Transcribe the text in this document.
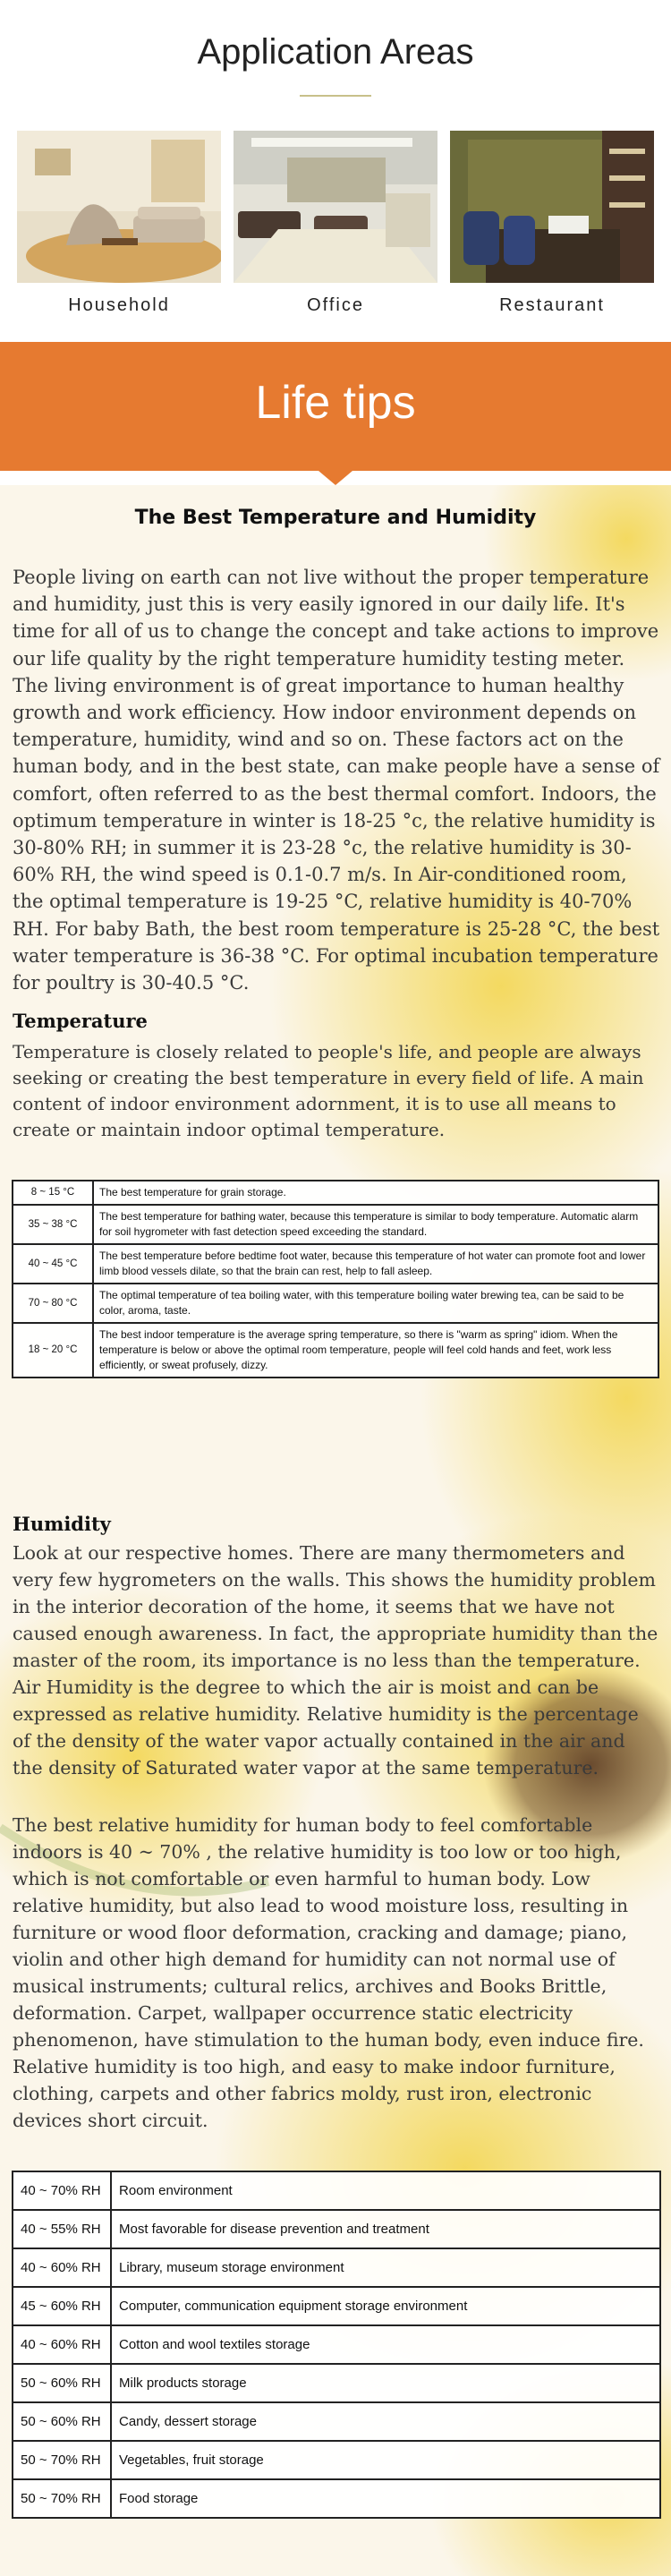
Application Areas
Household	Office	Restaurant
Life tips
The Best Temperature and Humidity
People living on earth can not live without the proper temperature and humidity, just this is very easily ignored in our daily life. It's time for all of us to change the concept and take actions to improve our life quality by the right temperature humidity testing meter. The living environment is of great importance to human healthy growth and work efficiency. How indoor environment depends on temperature, humidity, wind and so on. These factors act on the human body, and in the best state, can make people have a sense of comfort, often referred to as the best thermal comfort. Indoors, the optimum temperature in winter is 18-25 °c, the relative humidity is 30-80% RH; in summer it is 23-28 °c, the relative humidity is 30-60% RH, the wind speed is 0.1-0.7 m/s. In Air-conditioned room, the optimal temperature is 19-25 °C, relative humidity is 40-70% RH. For baby Bath, the best room temperature is 25-28 °C, the best water temperature is 36-38 °C. For optimal incubation temperature for poultry is 30-40.5 °C.
Temperature
Temperature is closely related to people's life, and people are always seeking or creating the best temperature in every field of life. A main content of indoor environment adornment, it is to use all means to create or maintain indoor optimal temperature.
8 ~ 15 °C	The best temperature for grain storage.
35 ~ 38 °C	The best temperature for bathing water, because this temperature is similar to body temperature. Automatic alarm for soil hygrometer with fast detection speed exceeding the standard.
40 ~ 45 °C	The best temperature before bedtime foot water, because this temperature of hot water can promote foot and lower limb blood vessels dilate, so that the brain can rest, help to fall asleep.
70 ~ 80 °C	The optimal temperature of tea boiling water, with this temperature boiling water brewing tea, can be said to be color, aroma, taste.
18 ~ 20 °C	The best indoor temperature is the average spring temperature, so there is "warm as spring" idiom. When the temperature is below or above the optimal room temperature, people will feel cold hands and feet, work less efficiently, or sweat profusely, dizzy.
Humidity
Look at our respective homes. There are many thermometers and very few hygrometers on the walls. This shows the humidity problem in the interior decoration of the home, it seems that we have not caused enough awareness. In fact, the appropriate humidity than the master of the room, its importance is no less than the temperature. Air Humidity is the degree to which the air is moist and can be expressed as relative humidity. Relative humidity is the percentage of the density of the water vapor actually contained in the air and the density of Saturated water vapor at the same temperature.
The best relative humidity for human body to feel comfortable indoors is 40 ~ 70% , the relative humidity is too low or too high, which is not comfortable or even harmful to human body. Low relative humidity, but also lead to wood moisture loss, resulting in furniture or wood floor deformation, cracking and damage; piano, violin and other high demand for humidity can not normal use of musical instruments; cultural relics, archives and Books Brittle, deformation. Carpet, wallpaper occurrence static electricity phenomenon, have stimulation to the human body, even induce fire. Relative humidity is too high, and easy to make indoor furniture, clothing, carpets and other fabrics moldy, rust iron, electronic devices short circuit.
40 ~ 70% RH	Room environment
40 ~ 55% RH	Most favorable for disease prevention and treatment
40 ~ 60% RH	Library, museum storage environment
45 ~ 60% RH	Computer, communication equipment storage environment
40 ~ 60% RH	Cotton and wool textiles storage
50 ~ 60% RH	Milk products storage
50 ~ 60% RH	Candy, dessert storage
50 ~ 70% RH	Vegetables, fruit storage
50 ~ 70% RH	Food storage
